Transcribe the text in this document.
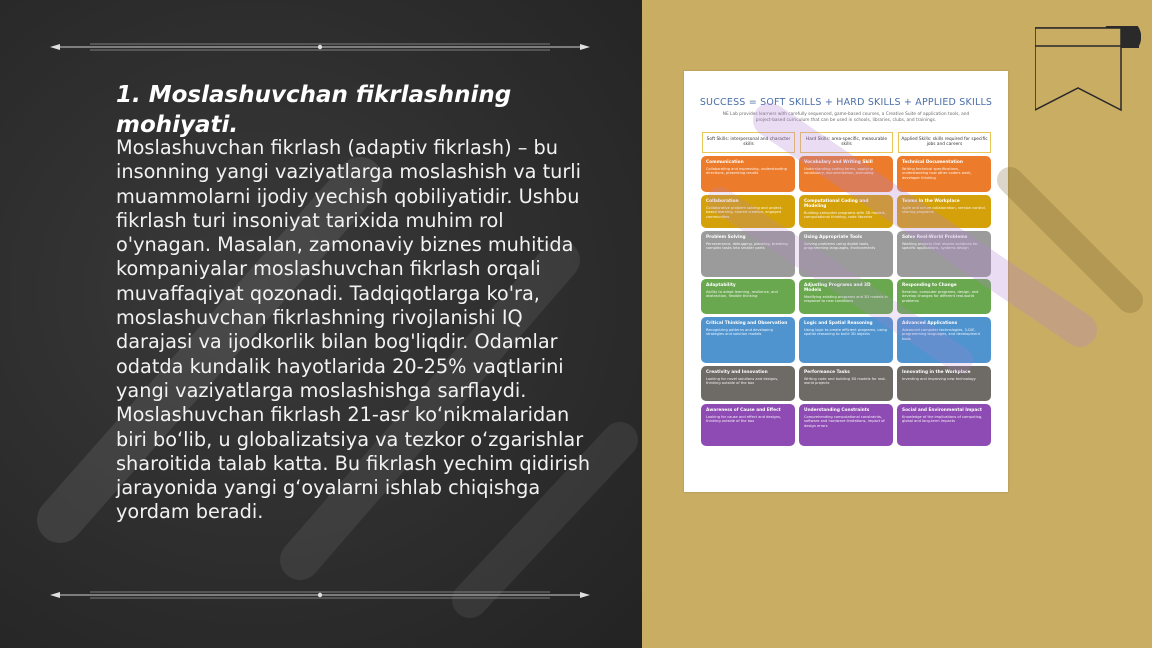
SUCCESS = SOFT SKILLS + HARD SKILLS + APPLIED SKILLS
NE Lab provides learners with carefully sequenced, game-based courses, a Creative Suite of application tools, and project-based curriculum that can be used in schools, libraries, clubs, and trainings.
Soft Skills: interpersonal and character skills
Hard Skills: area-specific, measurable skills
Applied Skills: skills required for specific jobs and careers
Communication
Collaborating and expressing, understanding directions, presenting results
Vocabulary and Writing Skill
Understanding coding terms, applying vocabulary, documentation, journaling
Technical Documentation
Writing technical specifications, understanding how other coders work, developer thinking
Collaboration
Collaborative problem solving and project-based learning, shared creation, engaged communities
Computational Coding and Modeling
Building computer programs with 3D models, computational thinking, code libraries
Teams in the Workplace
Agile and scrum collaboration, version control, sharing programs
Problem Solving
Perseverance, debugging, planning, breaking complex tasks into smaller parts
Using Appropriate Tools
Solving problems using digital tools, programming languages, environments
Solve Real-World Problems
Working projects that require solutions for specific applications, systems design
Adaptability
Ability to adapt learning, resilience, and abstraction, flexible thinking
Adjusting Programs and 3D Models
Modifying existing programs and 3D models in response to new conditions
Responding to Change
Iteration, computer programs, design, and develop changes for different real-world problems
Critical Thinking and Observation
Recognizing patterns and developing strategies and solution models
Logic and Spatial Reasoning
Using logic to create efficient programs, using spatial reasoning to build 3D objects
Advanced Applications
Advanced computer technologies, 3-D/E, programming languages, and development tools
Creativity and Innovation
Looking for novel solutions and designs, thinking outside of the box
Performance Tasks
Writing code and building 3D models for real-world projects
Innovating in the Workplace
Inventing and improving new technology
Awareness of Cause and Effect
Looking for cause and effect and designs, thinking outside of the box
Understanding Constraints
Comprehending computational constraints, software and hardware limitations, impact of design errors
Social and Environmental Impact
Knowledge of the implications of computing, global and long-term impacts
1. Moslashuvchan fikrlashning mohiyati.

Moslashuvchan fikrlash (adaptiv fikrlash) – bu insonning yangi vaziyatlarga moslashish va turli muammolarni ijodiy yechish qobiliyatidir. Ushbu fikrlash turi insoniyat tarixida muhim rol o'ynagan. Masalan, zamonaviy biznes muhitida kompaniyalar moslashuvchan fikrlash orqali muvaffaqiyat qozonadi. Tadqiqotlarga ko'ra, moslashuvchan fikrlashning rivojlanishi IQ darajasi va ijodkorlik bilan bog'liqdir. Odamlar odatda kundalik hayotlarida 20-25% vaqtlarini yangi vaziyatlarga moslashishga sarflaydi. Moslashuvchan fikrlash 21-asr ko‘nikmalaridan biri bo‘lib, u globalizatsiya va tezkor o‘zgarishlar sharoitida talab katta. Bu fikrlash yechim qidirish jarayonida yangi g‘oyalarni ishlab chiqishga yordam beradi.
